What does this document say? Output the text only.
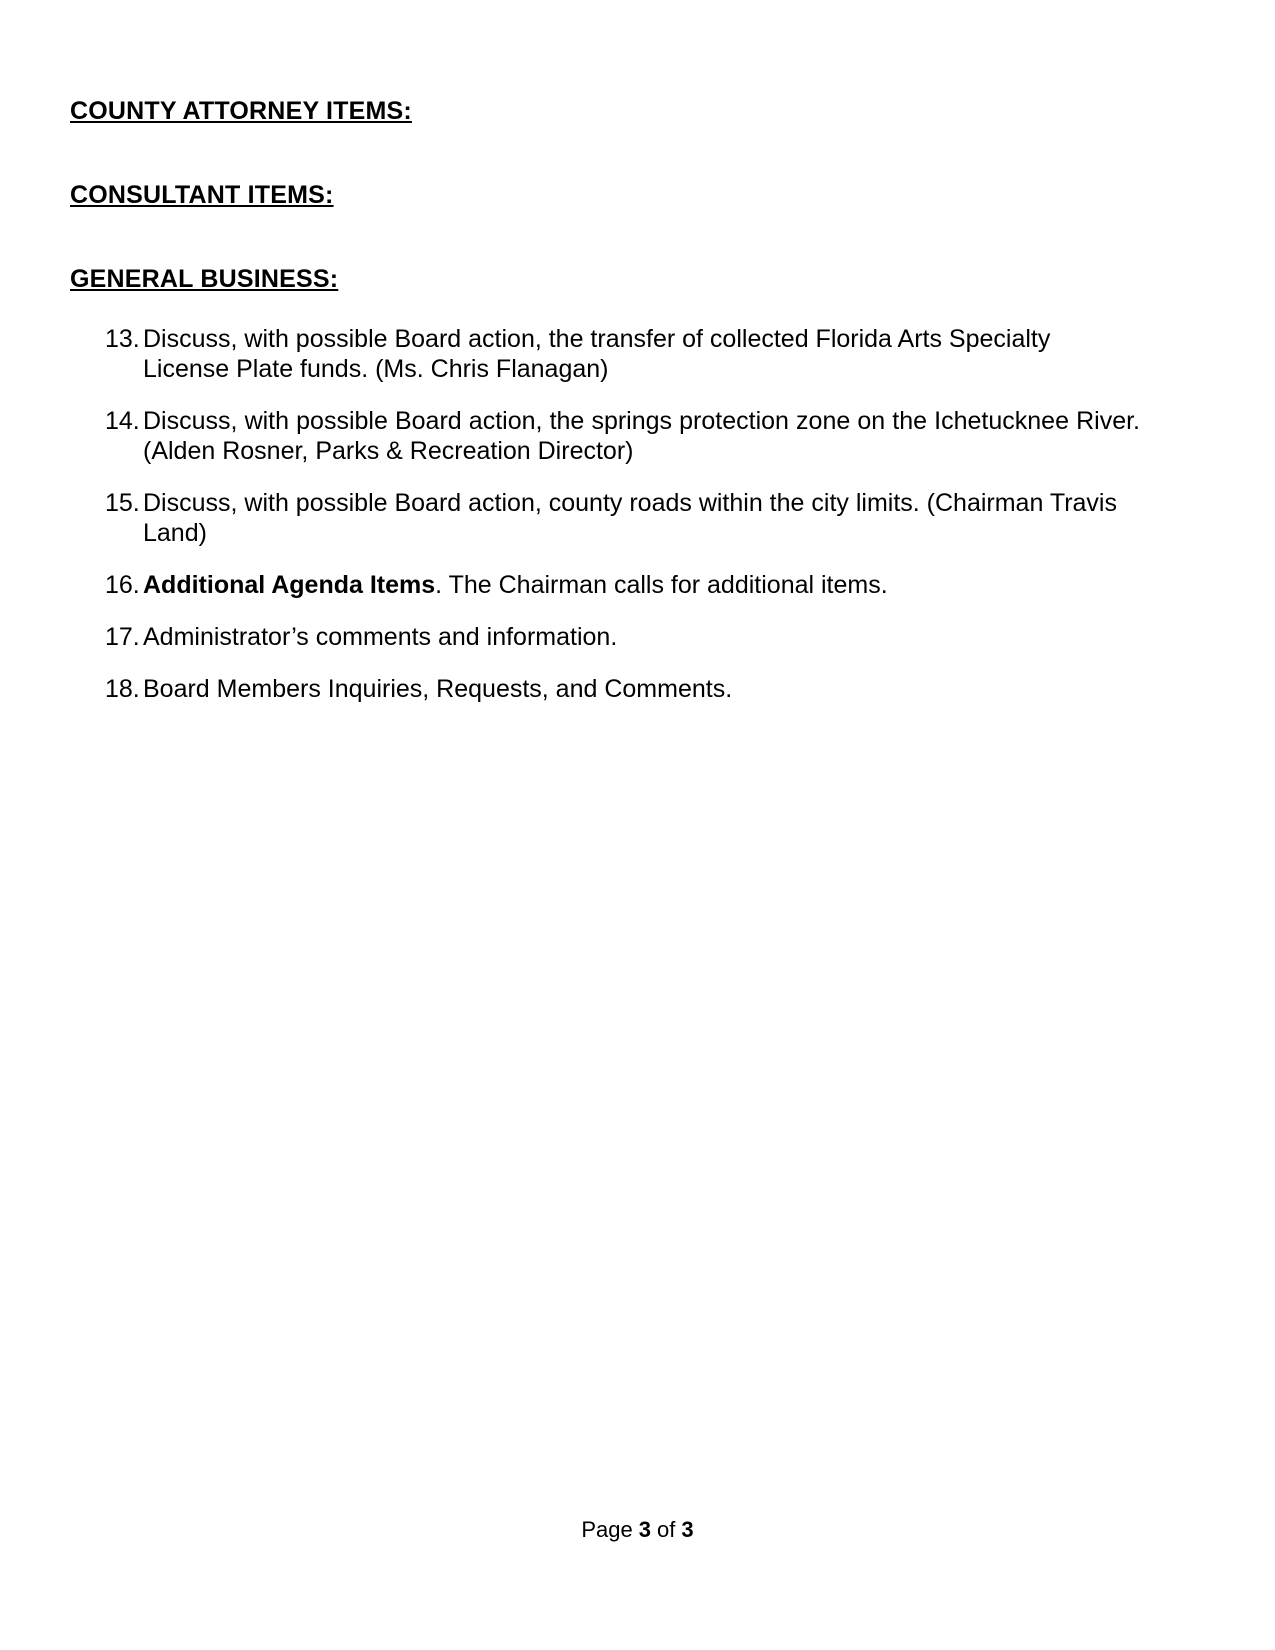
COUNTY ATTORNEY ITEMS:
CONSULTANT ITEMS:
GENERAL BUSINESS:
13. Discuss, with possible Board action, the transfer of collected Florida Arts Specialty License Plate funds. (Ms. Chris Flanagan)
14. Discuss, with possible Board action, the springs protection zone on the Ichetucknee River. (Alden Rosner, Parks & Recreation Director)
15. Discuss, with possible Board action, county roads within the city limits. (Chairman Travis Land)
16. Additional Agenda Items. The Chairman calls for additional items.
17. Administrator’s comments and information.
18. Board Members Inquiries, Requests, and Comments.
Page 3 of 3
